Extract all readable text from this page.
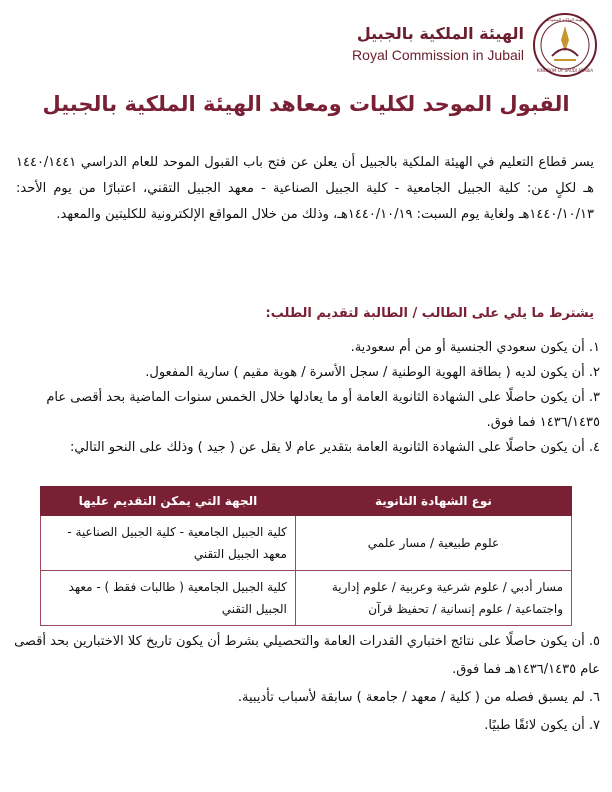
الهيئة الملكية بالجبيل
Royal Commission in Jubail
الهيئة الملكية السعودية
KINGDOM OF SAUDI ARABIA
القبول الموحد لكليات ومعاهد الهيئة الملكية بالجبيل
يسر قطاع التعليم في الهيئة الملكية بالجبيل أن يعلن عن فتح باب القبول الموحد للعام الدراسي ١٤٤٠/١٤٤١ هـ لكلٍ من: كلية الجبيل الجامعية - كلية الجبيل الصناعية - معهد الجبيل التقني، اعتبارًا من يوم الأحد: ١٤٤٠/١٠/١٣هـ ولغاية يوم السبت: ١٤٤٠/١٠/١٩هـ، وذلك من خلال المواقع الإلكترونية للكليتين والمعهد.
يشترط ما يلي على الطالب / الطالبة لتقديم الطلب:

١. أن يكون سعودي الجنسية أو من أم سعودية.

٢. أن يكون لديه ( بطاقة الهوية الوطنية / سجل الأسرة / هوية مقيم ) سارية المفعول.

٣. أن يكون حاصلًا على الشهادة الثانوية العامة أو ما يعادلها خلال الخمس سنوات الماضية بحد أقصى عام ١٤٣٦/١٤٣٥ فما فوق.

٤. أن يكون حاصلًا على الشهادة الثانوية العامة بتقدير عام لا يقل عن ( جيد ) وذلك على النحو التالي:

نوع الشهادة الثانوية	الجهة التي يمكن التقديم عليها
علوم طبيعية / مسار علمي	كلية الجبيل الجامعية - كلية الجبيل الصناعية - معهد الجبيل التقني
مسار أدبي / علوم شرعية وعربية / علوم إدارية واجتماعية / علوم إنسانية / تحفيظ قرآن	كلية الجبيل الجامعية ( طالبات فقط ) - معهد الجبيل التقني

٥. أن يكون حاصلًا على نتائج اختباري القدرات العامة والتحصيلي بشرط أن يكون تاريخ كلا الاختبارين بحد أقصى عام ١٤٣٦/١٤٣٥هـ فما فوق.

٦. لم يسبق فصله من ( كلية / معهد / جامعة ) سابقة لأسباب تأديبية.

٧. أن يكون لائقًا طبيًا.
